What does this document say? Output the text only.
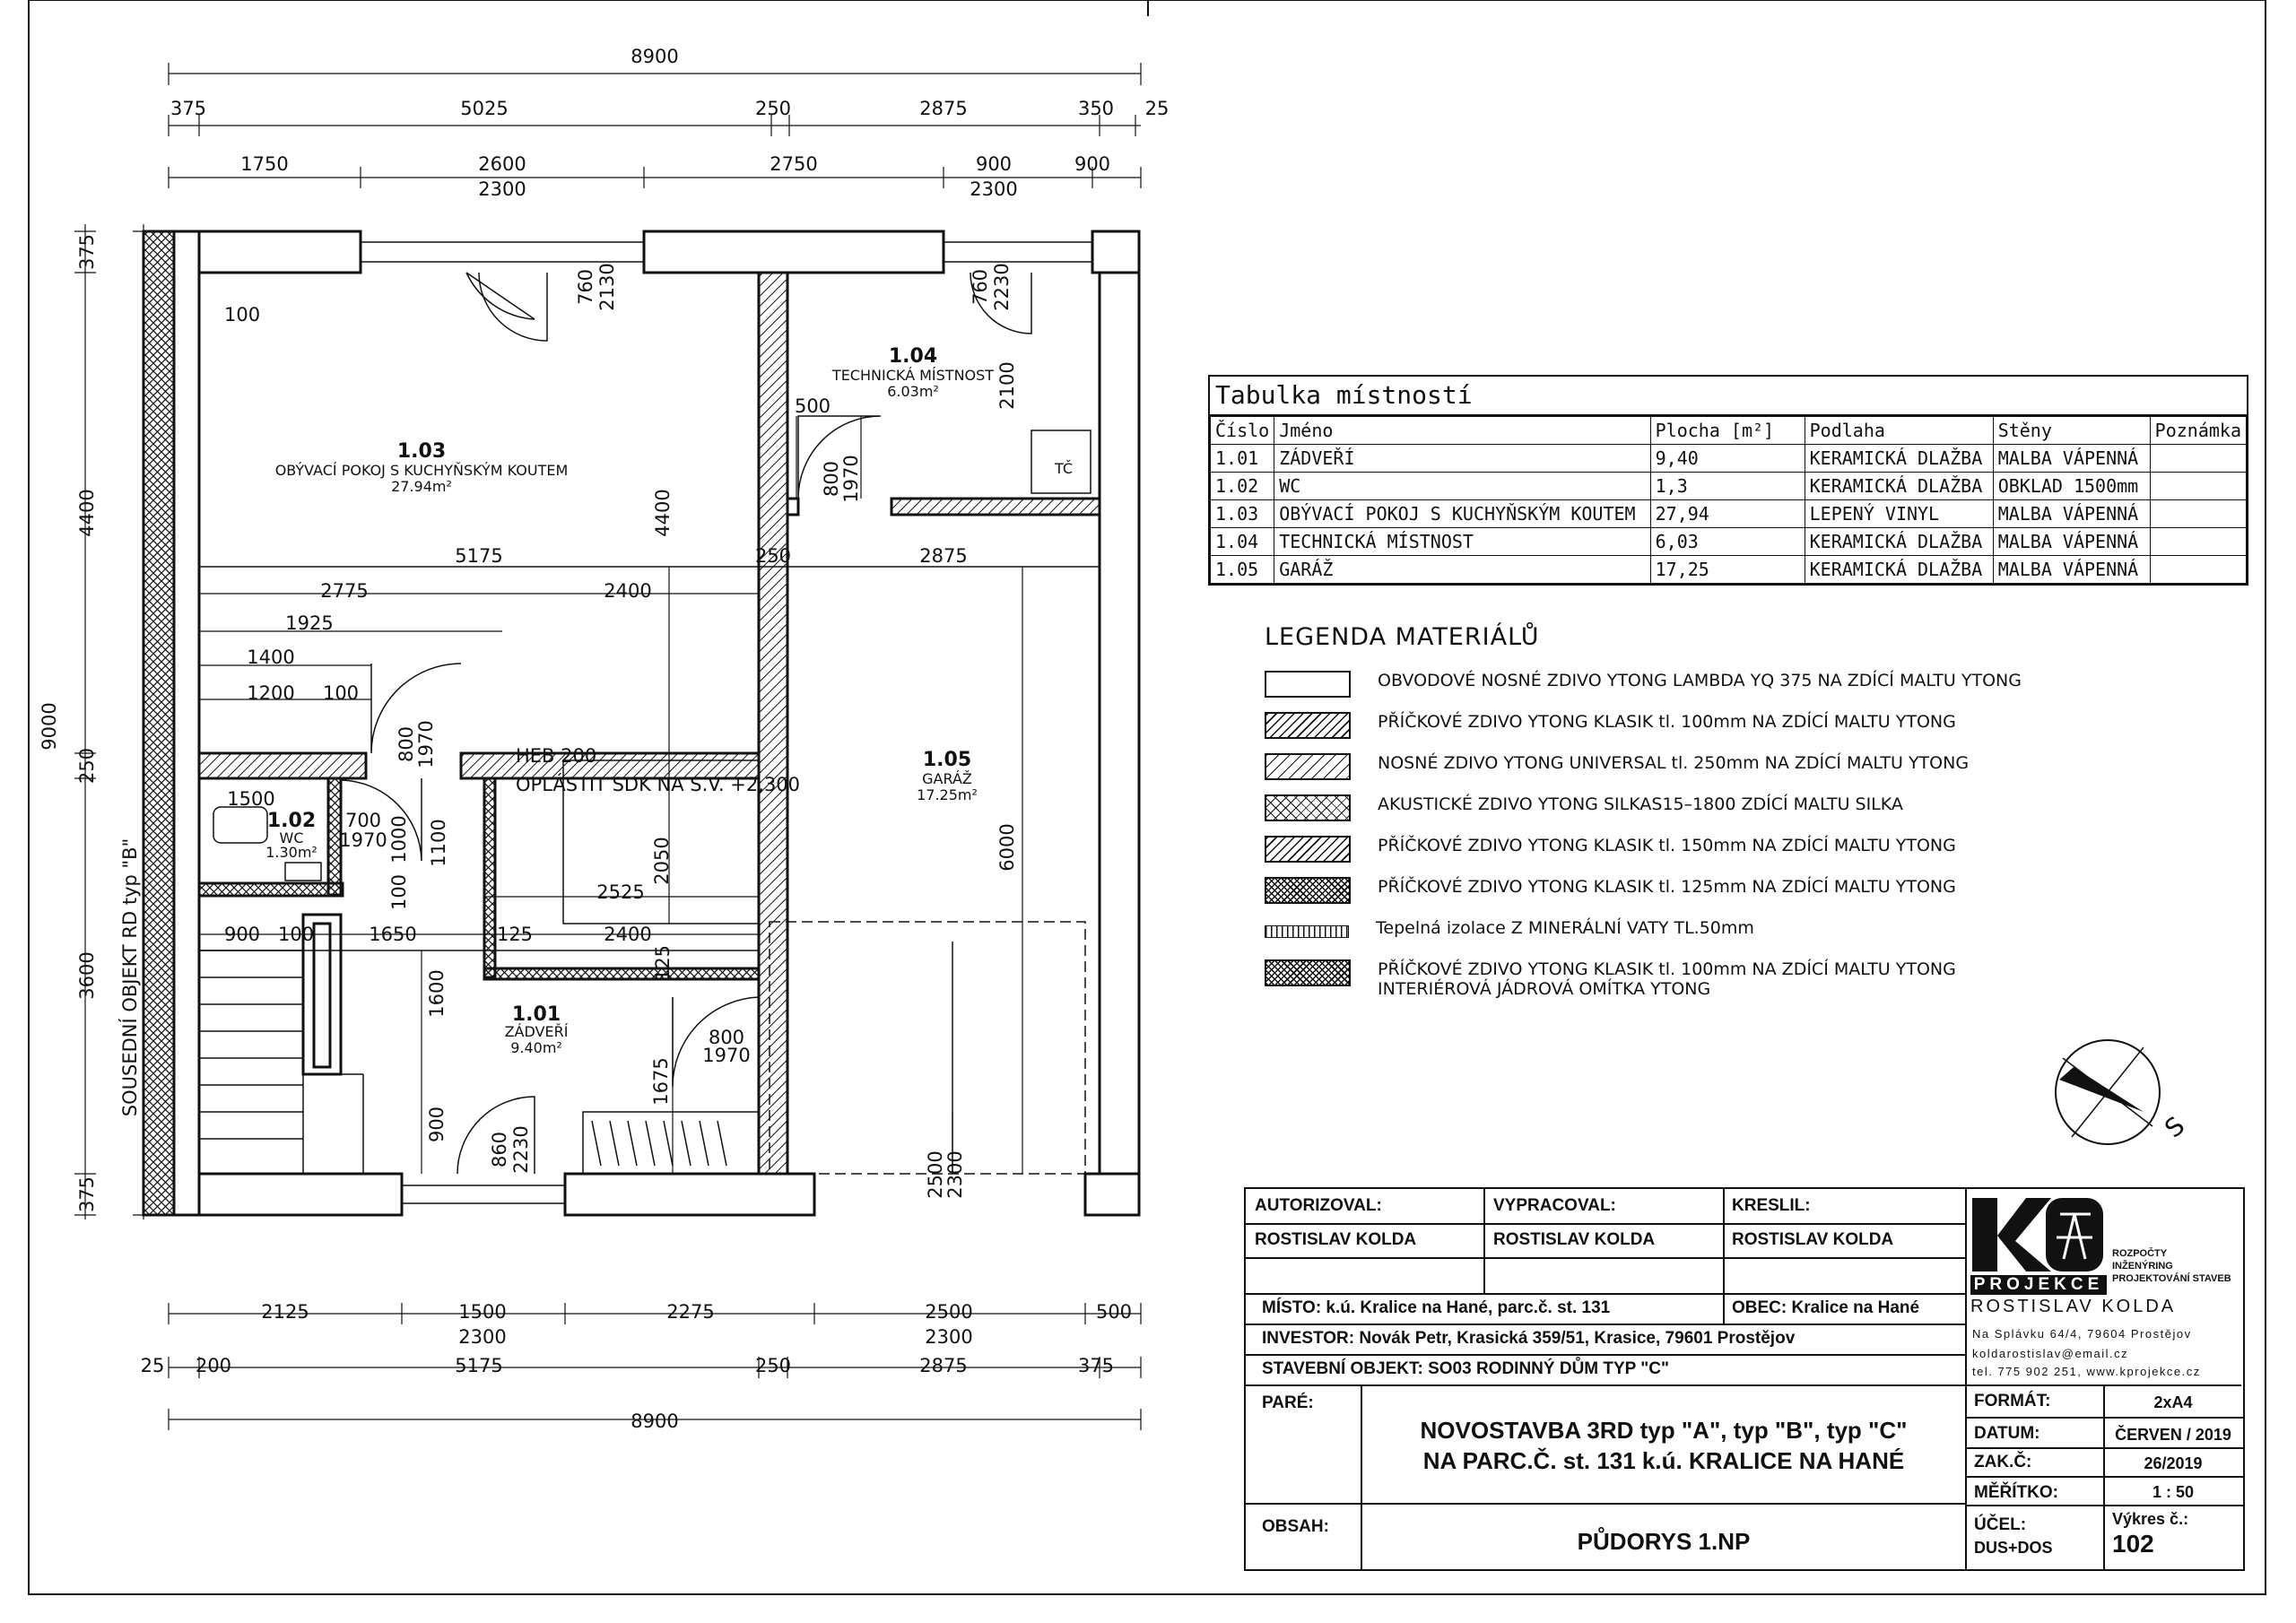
8900
375	5025	250	2875	350 25
1750	2600	2750	900	900
2300	2300
2125	1500	2275	2500	500
2300	2300
25 200	5175	250	2875	375
8900
9000
375
4400
250
3600
375
SOUSEDNÍ OBJEKT RD typ "B"
100
760 2130	760 2230
2100
500
800
1970
4400
5175	250	2875
2775	2400
1925
1400
1200 100
800
1970	HEB 200
OPLÁSTIT SDK NA S.V. +2,300
1500
700
1970 1000 1100
100
2050
2525
6000
900 100	1650	125	2400
125
1600
800
1970
1675
900
860 2230
2500
2300
1.03
OBÝVACÍ POKOJ S KUCHYŇSKÝM KOUTEM
27.94m²
1.04
TECHNICKÁ MÍSTNOST
6.03m²
1.05
GARÁŽ
17.25m²
1.02
WC
1.30m²
1.01
ZÁDVEŘÍ
9.40m²
TČ
S
Tabulka místností
Číslo	Jméno	Plocha [m²]	Podlaha	Stěny	Poznámka
1.01	ZÁDVEŘÍ	9,40	KERAMICKÁ DLAŽBA	MALBA VÁPENNÁ	
1.02	WC	1,3	KERAMICKÁ DLAŽBA	OBKLAD 1500mm	
1.03	OBÝVACÍ POKOJ S KUCHYŇSKÝM KOUTEM	27,94	LEPENÝ VINYL	MALBA VÁPENNÁ	
1.04	TECHNICKÁ MÍSTNOST	6,03	KERAMICKÁ DLAŽBA	MALBA VÁPENNÁ	
1.05	GARÁŽ	17,25	KERAMICKÁ DLAŽBA	MALBA VÁPENNÁ	
LEGENDA MATERIÁLŮ
OBVODOVÉ NOSNÉ ZDIVO YTONG LAMBDA YQ 375 NA ZDÍCÍ MALTU YTONG
PŘÍČKOVÉ ZDIVO YTONG KLASIK tl. 100mm NA ZDÍCÍ MALTU YTONG
NOSNÉ ZDIVO YTONG UNIVERSAL tl. 250mm NA ZDÍCÍ MALTU YTONG
AKUSTICKÉ ZDIVO YTONG SILKAS15–1800 ZDÍCÍ MALTU SILKA
PŘÍČKOVÉ ZDIVO YTONG KLASIK tl. 150mm NA ZDÍCÍ MALTU YTONG
PŘÍČKOVÉ ZDIVO YTONG KLASIK tl. 125mm NA ZDÍCÍ MALTU YTONG
Tepelná izolace Z MINERÁLNÍ VATY TL.50mm
PŘÍČKOVÉ ZDIVO YTONG KLASIK tl. 100mm NA ZDÍCÍ MALTU YTONG
INTERIÉROVÁ JÁDROVÁ OMÍTKA YTONG
AUTORIZOVAL:
ROSTISLAV KOLDA
VYPRACOVAL:
ROSTISLAV KOLDA
KRESLIL:
ROSTISLAV KOLDA
MÍSTO: k.ú. Kralice na Hané, parc.č. st. 131	OBEC: Kralice na Hané
INVESTOR: Novák Petr, Krasická 359/51, Krasice, 79601 Prostějov
STAVEBNÍ OBJEKT: SO03 RODINNÝ DŮM TYP "C"
PARÉ:
NOVOSTAVBA 3RD typ "A", typ "B", typ "C"
NA PARC.Č. st. 131 k.ú. KRALICE NA HANÉ
OBSAH:
PŮDORYS 1.NP
FORMÁT:	2xA4
DATUM:	ČERVEN / 2019
ZAK.Č:	26/2019
MĚŘÍTKO:	1 : 50
ÚČEL:
DUS+DOS
Výkres č.:
102
PROJEKCE
ROSTISLAV KOLDA
ROZPOČTY
INŽENÝRING
PROJEKTOVÁNÍ STAVEB
Na Splávku 64/4, 79604 Prostějov
koldarostislav@email.cz
tel. 775 902 251, www.kprojekce.cz
